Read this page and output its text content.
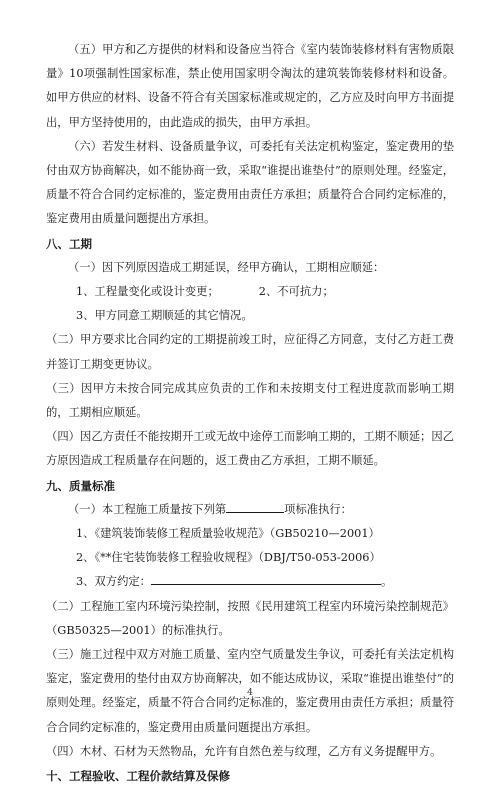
（五）甲方和乙方提供的材料和设备应当符合《室内装饰装修材料有害物质限量》10项强制性国家标准，禁止使用国家明令淘汰的建筑装饰装修材料和设备。如甲方供应的材料、设备不符合有关国家标准或规定的，乙方应及时向甲方书面提出，甲方坚持使用的，由此造成的损失，由甲方承担。

（六）若发生材料、设备质量争议，可委托有关法定机构鉴定，鉴定费用的垫付由双方协商解决，如不能协商一致，采取“谁提出谁垫付”的原则处理。经鉴定，质量不符合合同约定标准的，鉴定费用由责任方承担；质量符合合同约定标准的，鉴定费用由质量问题提出方承担。

八、工期

（一）因下列原因造成工期延误，经甲方确认，工期相应顺延：

1、工程量变化或设计变更；	2、不可抗力；

3、甲方同意工期顺延的其它情况。

（二）甲方要求比合同约定的工期提前竣工时，应征得乙方同意，支付乙方赶工费并签订工期变更协议。

（三）因甲方未按合同完成其应负责的工作和未按期支付工程进度款而影响工期的，工期相应顺延。

（四）因乙方责任不能按期开工或无故中途停工而影响工期的，工期不顺延；因乙方原因造成工程质量存在问题的，返工费由乙方承担，工期不顺延。

九、质量标准

（一）本工程施工质量按下列第	项标准执行：

1、《建筑装饰装修工程质量验收规范》（GB50210—2001）

2、《**住宅装饰装修工程验收规程》（DBJ/T50-053-2006）

3、双方约定：	。

（二）工程施工室内环境污染控制，按照《民用建筑工程室内环境污染控制规范》（GB50325—2001）的标准执行。

（三）施工过程中双方对施工质量、室内空气质量发生争议，可委托有关法定机构鉴定，鉴定费用的垫付由双方协商解决，如不能达成协议，采取“谁提出谁垫付”的原则处理。经鉴定，质量不符合合同约定标准的，鉴定费用由责任方承担；质量符合合同约定标准的，鉴定费用由质量问题提出方承担。

（四）木材、石材为天然物品，允许有自然色差与纹理，乙方有义务提醒甲方。

十、工程验收、工程价款结算及保修

4
